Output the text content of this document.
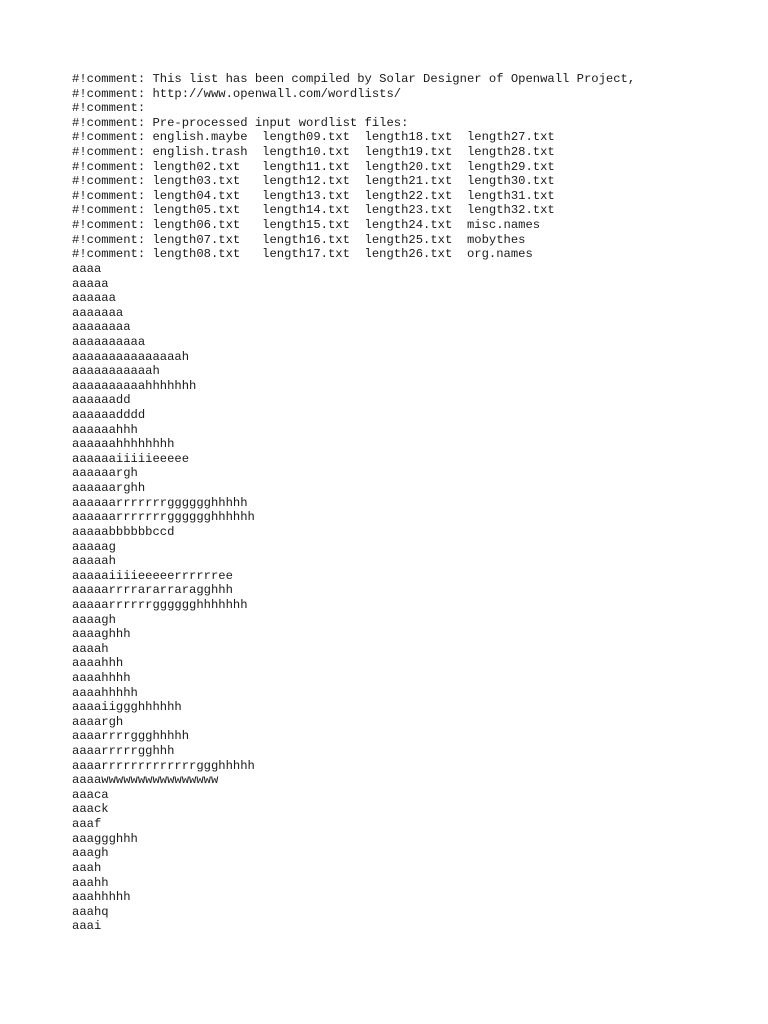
#!comment: This list has been compiled by Solar Designer of Openwall Project,
#!comment: http://www.openwall.com/wordlists/
#!comment:
#!comment: Pre-processed input wordlist files:
#!comment: english.maybe  length09.txt  length18.txt  length27.txt
#!comment: english.trash  length10.txt  length19.txt  length28.txt
#!comment: length02.txt   length11.txt  length20.txt  length29.txt
#!comment: length03.txt   length12.txt  length21.txt  length30.txt
#!comment: length04.txt   length13.txt  length22.txt  length31.txt
#!comment: length05.txt   length14.txt  length23.txt  length32.txt
#!comment: length06.txt   length15.txt  length24.txt  misc.names
#!comment: length07.txt   length16.txt  length25.txt  mobythes
#!comment: length08.txt   length17.txt  length26.txt  org.names
aaaa
aaaaa
aaaaaa
aaaaaaa
aaaaaaaa
aaaaaaaaaa
aaaaaaaaaaaaaaah
aaaaaaaaaaah
aaaaaaaaaahhhhhhh
aaaaaadd
aaaaaadddd
aaaaaahhh
aaaaaahhhhhhhh
aaaaaaiiiiieeeee
aaaaaargh
aaaaaarghh
aaaaaarrrrrrrgggggghhhhh
aaaaaarrrrrrrgggggghhhhhh
aaaaabbbbbbccd
aaaaag
aaaaah
aaaaaiiiieeeeerrrrrree
aaaaarrrrararraragghhh
aaaaarrrrrrgggggghhhhhhh
aaaagh
aaaaghhh
aaaah
aaaahhh
aaaahhhh
aaaahhhhh
aaaaiiggghhhhhh
aaaargh
aaaarrrrggghhhhh
aaaarrrrrgghhh
aaaarrrrrrrrrrrrrggghhhhh
aaaawwwwwwwwwwwwwwww
aaaca
aaack
aaaf
aaaggghhh
aaagh
aaah
aaahh
aaahhhhh
aaahq
aaai
